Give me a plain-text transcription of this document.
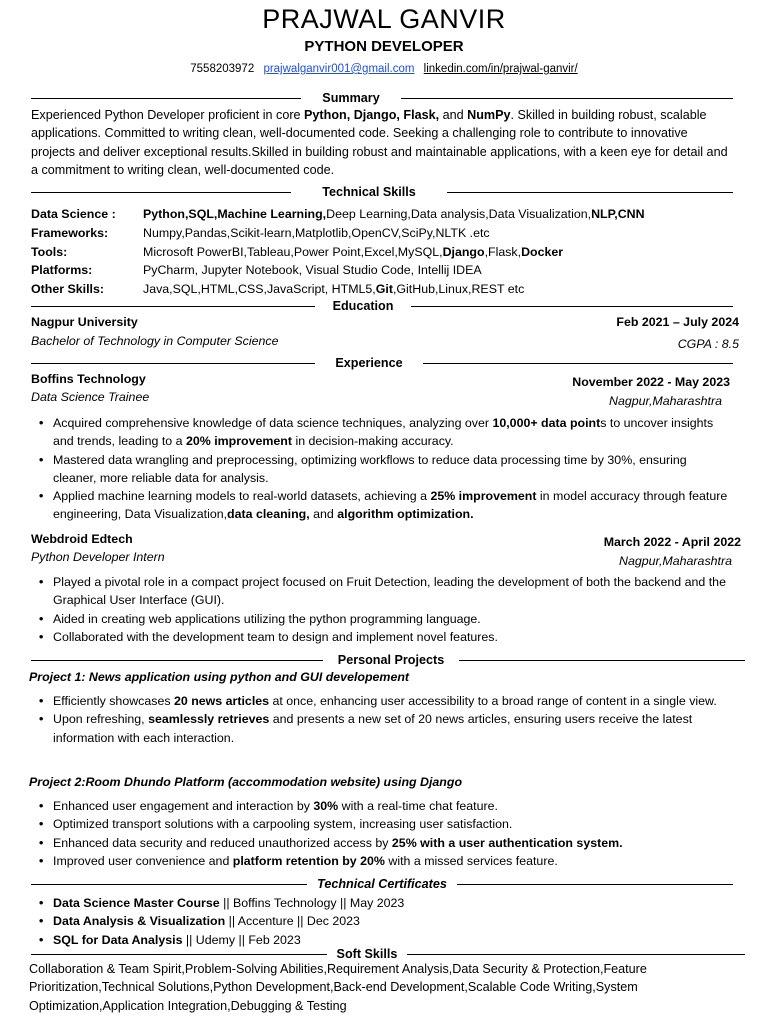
PRAJWAL GANVIR
PYTHON DEVELOPER
7558203972 prajwalganvir001@gmail.com linkedin.com/in/prajwal-ganvir/
Summary
Experienced Python Developer proficient in core Python, Django, Flask, and NumPy. Skilled in building robust, scalable applications. Committed to writing clean, well-documented code. Seeking a challenging role to contribute to innovative projects and deliver exceptional results.Skilled in building robust and maintainable applications, with a keen eye for detail and a commitment to writing clean, well-documented code.
Technical Skills
Data Science : Python,SQL,Machine Learning,Deep Learning,Data analysis,Data Visualization,NLP,CNN
Frameworks:	Numpy,Pandas,Scikit-learn,Matplotlib,OpenCV,SciPy,NLTK .etc
Tools:	Microsoft PowerBI,Tableau,Power Point,Excel,MySQL,Django,Flask,Docker
Platforms:	PyCharm, Jupyter Notebook, Visual Studio Code, Intellij IDEA
Other Skills:	Java,SQL,HTML,CSS,JavaScript, HTML5,Git,GitHub,Linux,REST etc
Education
Nagpur University	Feb 2021 – July 2024
Bachelor of Technology in Computer Science	CGPA : 8.5
Experience
Boffins Technology	November 2022 - May 2023
Data Science Trainee	Nagpur,Maharashtra
• Acquired comprehensive knowledge of data science techniques, analyzing over 10,000+ data points to uncover insights and trends, leading to a 20% improvement in decision-making accuracy.
• Mastered data wrangling and preprocessing, optimizing workflows to reduce data processing time by 30%, ensuring cleaner, more reliable data for analysis.
• Applied machine learning models to real-world datasets, achieving a 25% improvement in model accuracy through feature engineering, Data Visualization,data cleaning, and algorithm optimization.
Webdroid Edtech	March 2022 - April 2022
Python Developer Intern	Nagpur,Maharashtra
• Played a pivotal role in a compact project focused on Fruit Detection, leading the development of both the backend and the Graphical User Interface (GUI).
• Aided in creating web applications utilizing the python programming language.
• Collaborated with the development team to design and implement novel features.
Personal Projects
Project 1: News application using python and GUI developement
• Efficiently showcases 20 news articles at once, enhancing user accessibility to a broad range of content in a single view.
• Upon refreshing, seamlessly retrieves and presents a new set of 20 news articles, ensuring users receive the latest information with each interaction.
Project 2:Room Dhundo Platform (accommodation website) using Django
• Enhanced user engagement and interaction by 30% with a real-time chat feature.
• Optimized transport solutions with a carpooling system, increasing user satisfaction.
• Enhanced data security and reduced unauthorized access by 25% with a user authentication system.
• Improved user convenience and platform retention by 20% with a missed services feature.
Technical Certificates
• Data Science Master Course || Boffins Technology || May 2023
• Data Analysis & Visualization || Accenture || Dec 2023
• SQL for Data Analysis || Udemy || Feb 2023
Soft Skills
Collaboration & Team Spirit,Problem-Solving Abilities,Requirement Analysis,Data Security & Protection,Feature Prioritization,Technical Solutions,Python Development,Back-end Development,Scalable Code Writing,System Optimization,Application Integration,Debugging & Testing
